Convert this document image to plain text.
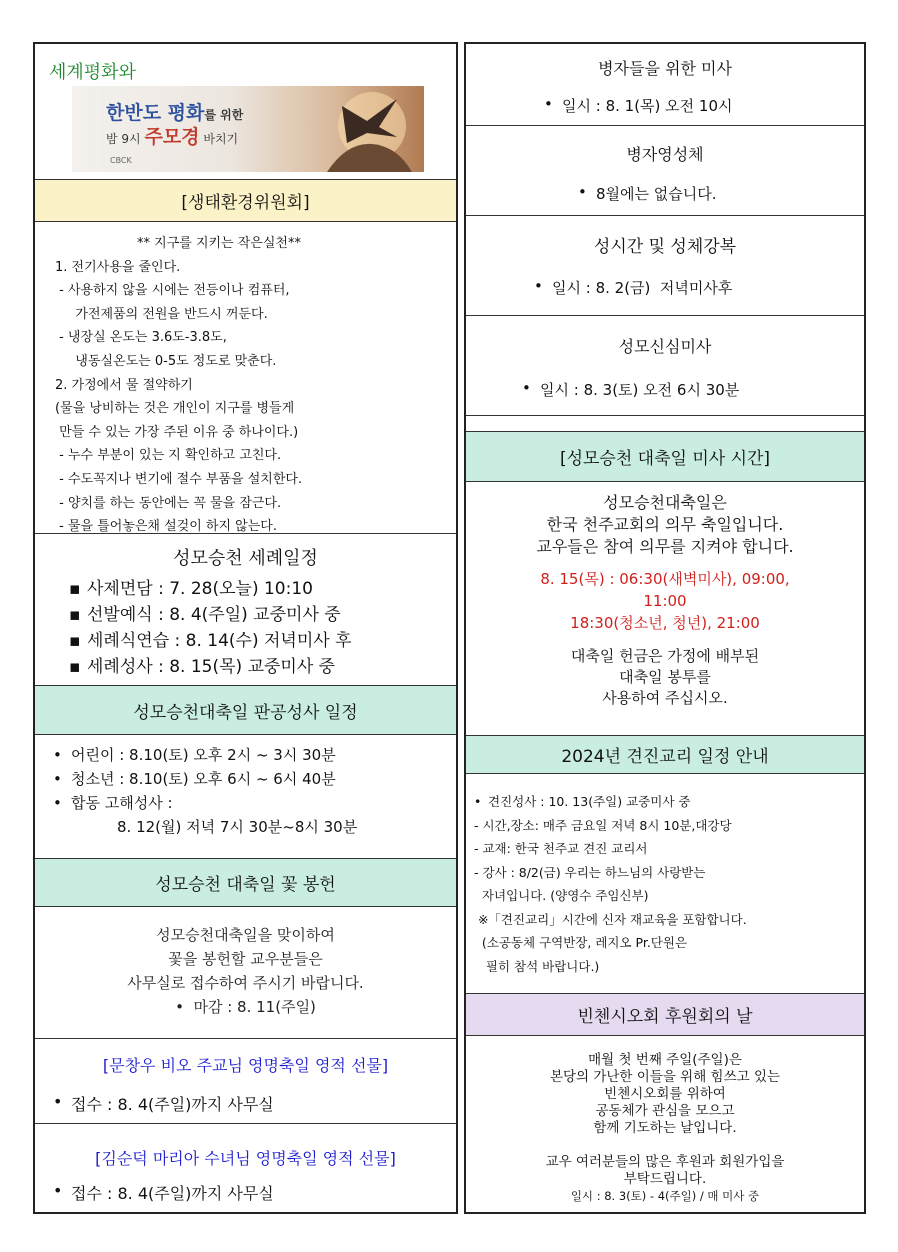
세계평화와
한반도 평화를 위한
밤 9시 주모경 바치기
CBCK
[생태환경위원회]
** 지구를 지키는 작은실천**
1. 전기사용을 줄인다.
- 사용하지 않을 시에는 전등이나 컴퓨터,
가전제품의 전원을 반드시 꺼둔다.
- 냉장실 온도는 3.6도-3.8도,
냉동실온도는 0-5도 정도로 맞춘다.
2. 가정에서 물 절약하기
(물을 낭비하는 것은 개인이 지구를 병들게
만들 수 있는 가장 주된 이유 중 하나이다.)
- 누수 부분이 있는 지 확인하고 고친다.
- 수도꼭지나 변기에 절수 부품을 설치한다.
- 양치를 하는 동안에는 꼭 물을 잠근다.
- 물을 틀어놓은채 설겆이 하지 않는다.
성모승천 세례일정
▪ 사제면담 : 7. 28(오늘) 10:10
▪ 선발예식 : 8. 4(주일) 교중미사 중
▪ 세례식연습 : 8. 14(수) 저녁미사 후
▪ 세례성사 : 8. 15(목) 교중미사 중
성모승천대축일 판공성사 일정
• 어린이 : 8.10(토) 오후 2시 ~ 3시 30분
• 청소년 : 8.10(토) 오후 6시 ~ 6시 40분
• 합동 고해성사 :
8. 12(월) 저녁 7시 30분~8시 30분
성모승천 대축일 꽃 봉헌
성모승천대축일을 맞이하여
꽃을 봉헌할 교우분들은
사무실로 접수하여 주시기 바랍니다.
•  마감 : 8. 11(주일)
[문창우 비오 주교님 영명축일 영적 선물]
• 접수 : 8. 4(주일)까지 사무실
[김순덕 마리아 수녀님 영명축일 영적 선물]
• 접수 : 8. 4(주일)까지 사무실
병자들을 위한 미사
• 일시 : 8. 1(목) 오전 10시
병자영성체
• 8월에는 없습니다.
성시간 및 성체강복
• 일시 : 8. 2(금)  저녁미사후
성모신심미사
• 일시 : 8. 3(토) 오전 6시 30분
[성모승천 대축일 미사 시간]
성모승천대축일은
한국 천주교회의 의무 축일입니다.
교우들은 참여 의무를 지켜야 합니다.
8. 15(목) : 06:30(새벽미사), 09:00,
11:00
18:30(청소년, 청년), 21:00
대축일 헌금은 가정에 배부된
대축일 봉투를
사용하여 주십시오.
2024년 견진교리 일정 안내
• 견진성사 : 10. 13(주일) 교중미사 중
- 시간,장소: 매주 금요일 저녁 8시 10분,대강당
- 교재: 한국 천주교 견진 교리서
- 강사 : 8/2(금) 우리는 하느님의 사랑받는
자녀입니다. (양영수 주임신부)
※「견진교리」시간에 신자 재교육을 포함합니다.
(소공동체 구역반장, 레지오 Pr.단원은
필히 참석 바랍니다.)
빈첸시오회 후원회의 날
매월 첫 번째 주일(주일)은
본당의 가난한 이들을 위해 힘쓰고 있는
빈첸시오회를 위하여
공동체가 관심을 모으고
함께 기도하는 날입니다.
교우 여러분들의 많은 후원과 회원가입을
부탁드립니다.
일시 : 8. 3(토) - 4(주일) / 매 미사 중
